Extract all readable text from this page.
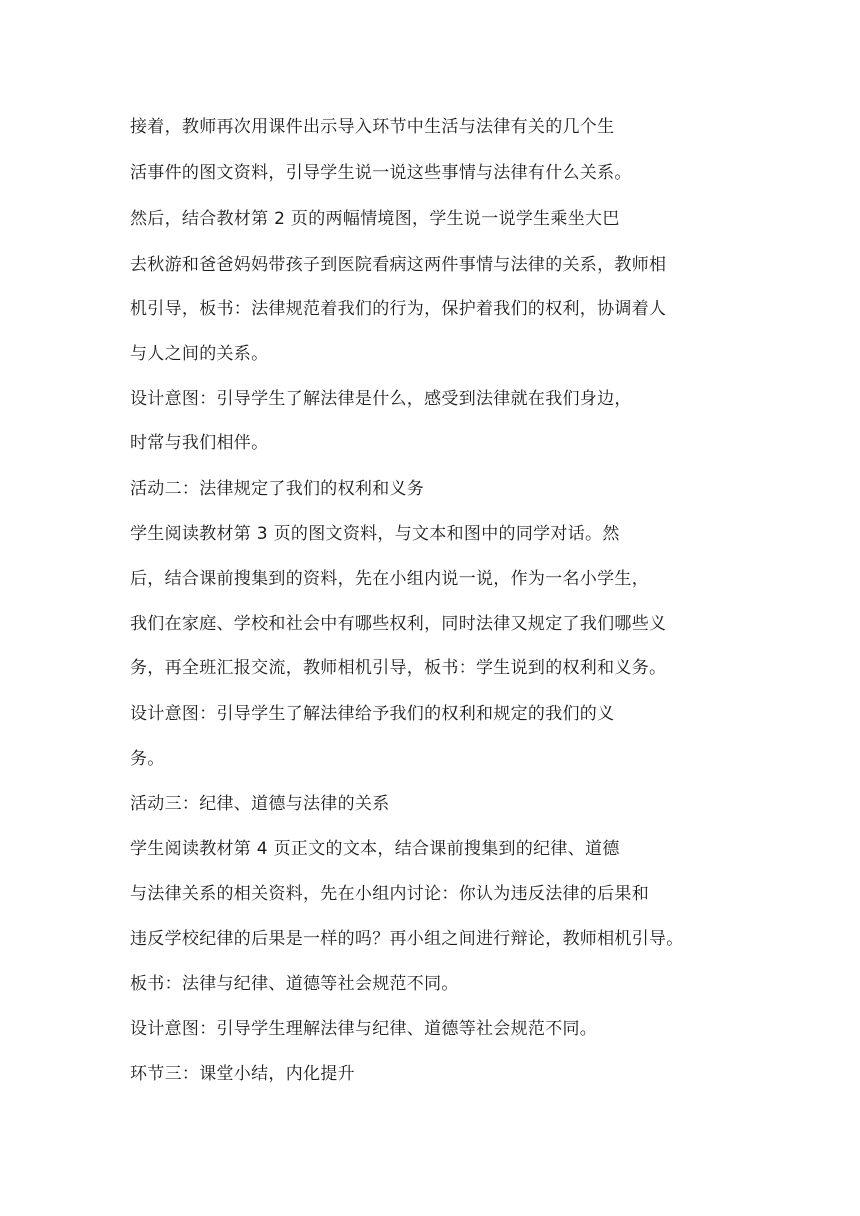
接着，教师再次用课件出示导入环节中生活与法律有关的几个生
活事件的图文资料，引导学生说一说这些事情与法律有什么关系。
然后，结合教材第 2 页的两幅情境图，学生说一说学生乘坐大巴
去秋游和爸爸妈妈带孩子到医院看病这两件事情与法律的关系，教师相
机引导，板书：法律规范着我们的行为，保护着我们的权利，协调着人
与人之间的关系。
设计意图：引导学生了解法律是什么，感受到法律就在我们身边，
时常与我们相伴。
活动二：法律规定了我们的权利和义务
学生阅读教材第 3 页的图文资料，与文本和图中的同学对话。然
后，结合课前搜集到的资料，先在小组内说一说，作为一名小学生，
我们在家庭、学校和社会中有哪些权利，同时法律又规定了我们哪些义
务，再全班汇报交流，教师相机引导，板书：学生说到的权利和义务。
设计意图：引导学生了解法律给予我们的权利和规定的我们的义
务。
活动三：纪律、道德与法律的关系
学生阅读教材第 4 页正文的文本，结合课前搜集到的纪律、道德
与法律关系的相关资料，先在小组内讨论：你认为违反法律的后果和
违反学校纪律的后果是一样的吗？再小组之间进行辩论，教师相机引导。
板书：法律与纪律、道德等社会规范不同。
设计意图：引导学生理解法律与纪律、道德等社会规范不同。
环节三：课堂小结，内化提升
